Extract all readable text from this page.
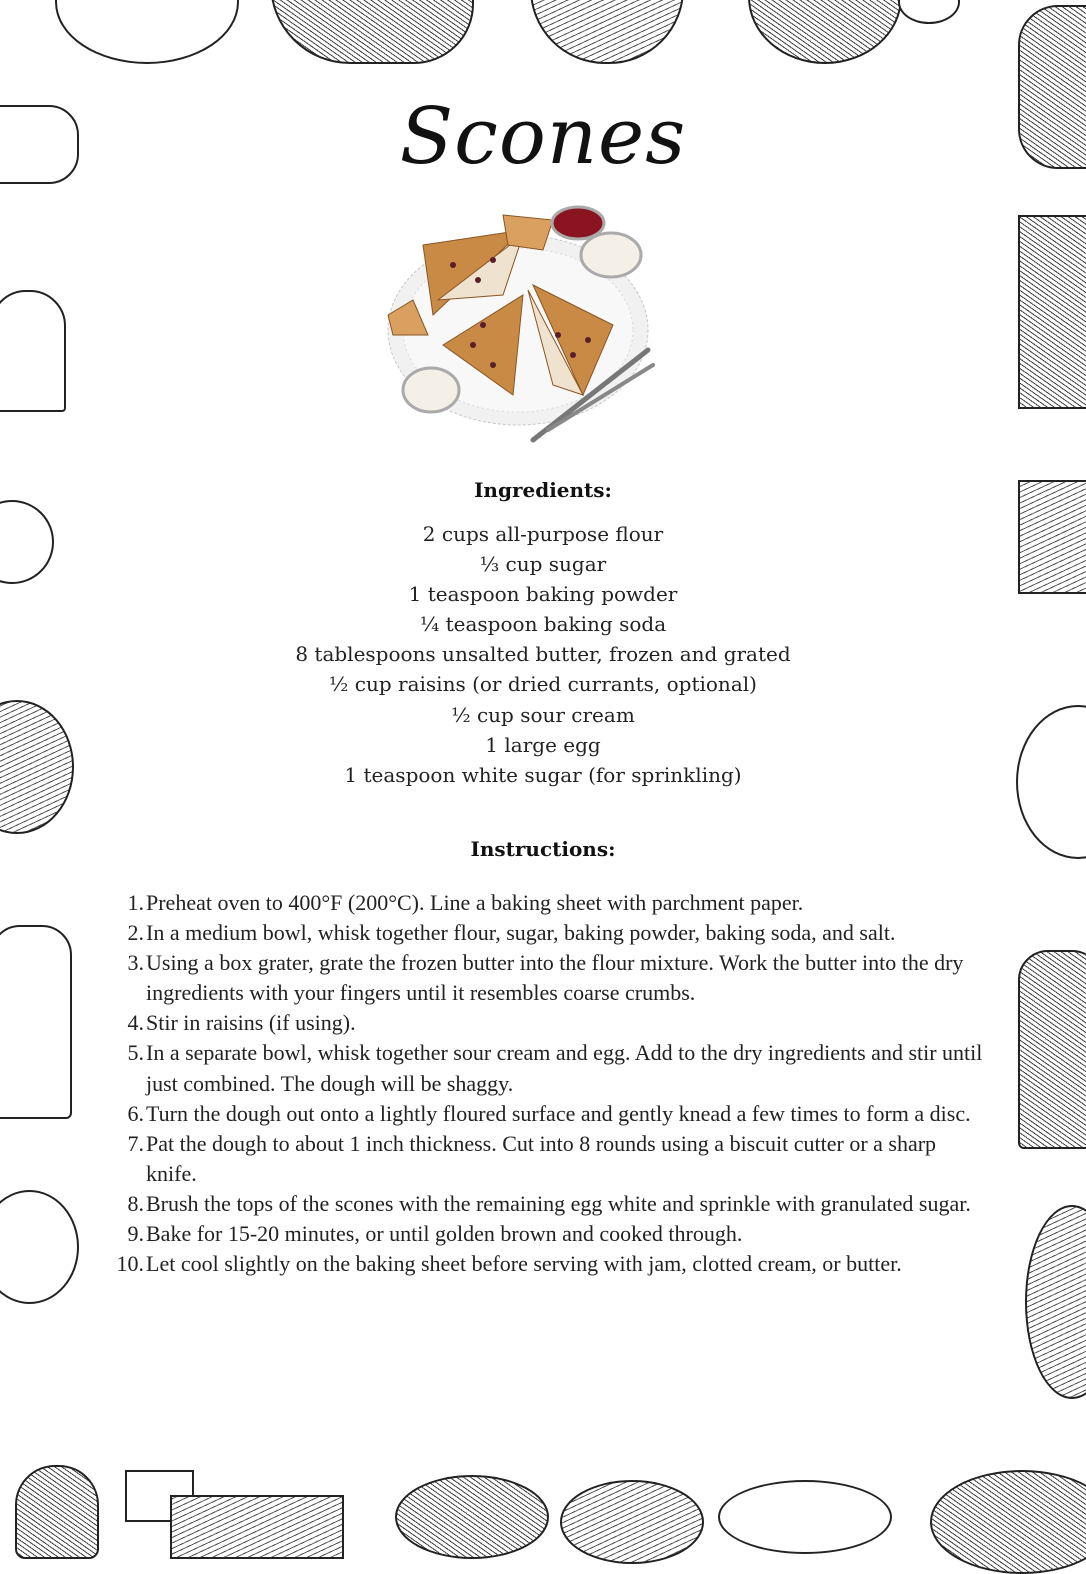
Scones
Ingredients:
2 cups all-purpose flour
⅓ cup sugar
1 teaspoon baking powder
¼ teaspoon baking soda
8 tablespoons unsalted butter, frozen and grated
½ cup raisins (or dried currants, optional)
½ cup sour cream
1 large egg
1 teaspoon white sugar (for sprinkling)
Instructions:
1. Preheat oven to 400°F (200°C). Line a baking sheet with parchment paper.
2. In a medium bowl, whisk together flour, sugar, baking powder, baking soda, and salt.
3. Using a box grater, grate the frozen butter into the flour mixture. Work the butter into the dry ingredients with your fingers until it resembles coarse crumbs.
4. Stir in raisins (if using).
5. In a separate bowl, whisk together sour cream and egg. Add to the dry ingredients and stir until just combined. The dough will be shaggy.
6. Turn the dough out onto a lightly floured surface and gently knead a few times to form a disc.
7. Pat the dough to about 1 inch thickness. Cut into 8 rounds using a biscuit cutter or a sharp knife.
8. Brush the tops of the scones with the remaining egg white and sprinkle with granulated sugar.
9. Bake for 15-20 minutes, or until golden brown and cooked through.
10. Let cool slightly on the baking sheet before serving with jam, clotted cream, or butter.
